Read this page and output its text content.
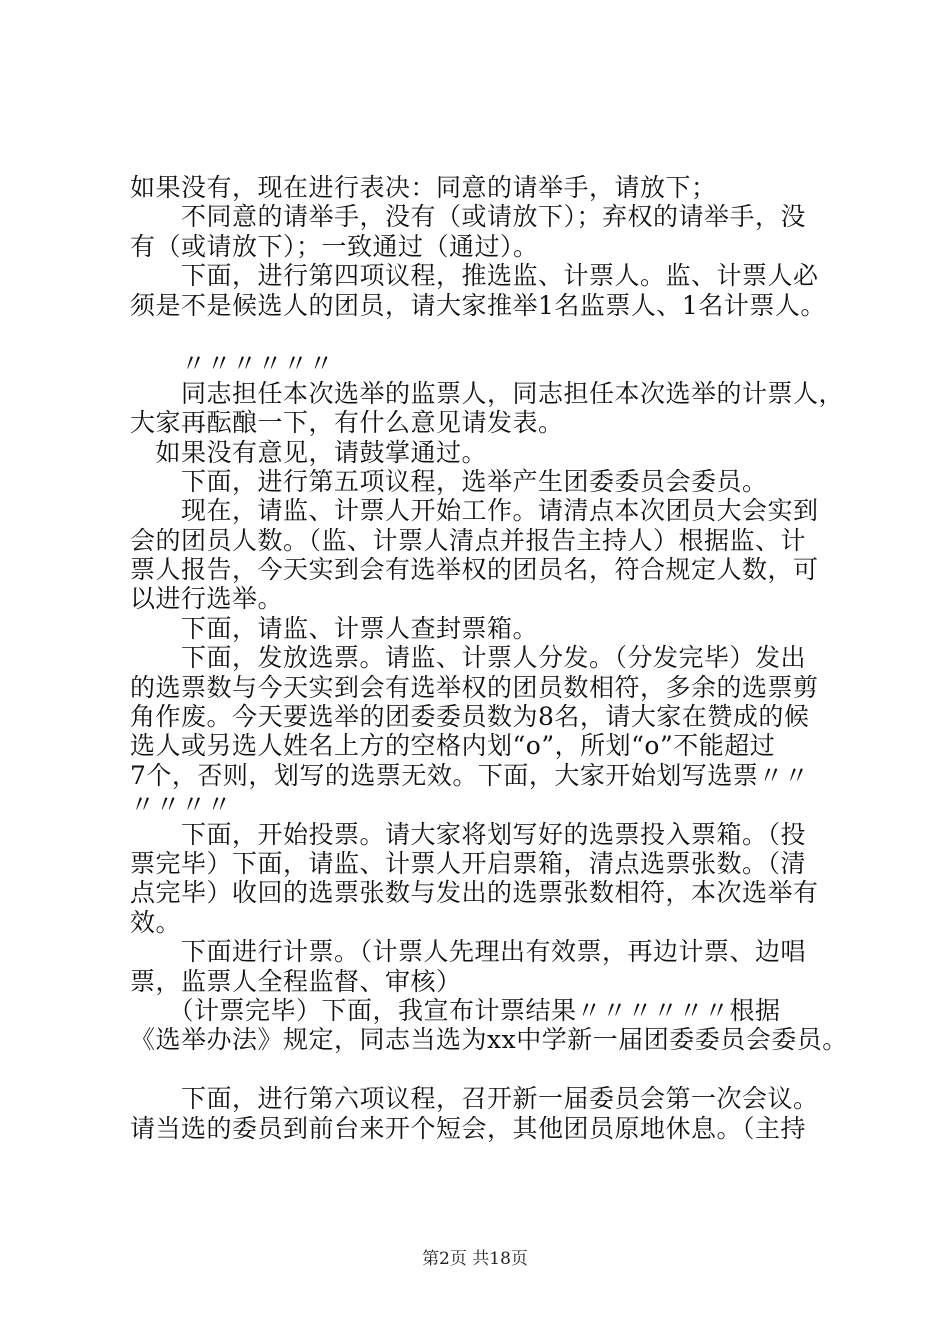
如果没有，现在进行表决：同意的请举手，请放下；
　　不同意的请举手，没有（或请放下）；弃权的请举手，没
有（或请放下）；一致通过（通过）。
　　下面，进行第四项议程，推选监、计票人。监、计票人必
须是不是候选人的团员，请大家推举1名监票人、1名计票人。
　　〃〃〃〃〃〃
　　同志担任本次选举的监票人，同志担任本次选举的计票人，
大家再酝酿一下，有什么意见请发表。
　如果没有意见，请鼓掌通过。
　　下面，进行第五项议程，选举产生团委委员会委员。
　　现在，请监、计票人开始工作。请清点本次团员大会实到
会的团员人数。（监、计票人清点并报告主持人）根据监、计
票人报告，今天实到会有选举权的团员名，符合规定人数，可
以进行选举。
　　下面，请监、计票人查封票箱。
　　下面，发放选票。请监、计票人分发。（分发完毕）发出
的选票数与今天实到会有选举权的团员数相符，多余的选票剪
角作废。今天要选举的团委委员数为8名，请大家在赞成的候
选人或另选人姓名上方的空格内划“o”，所划“o”不能超过
7个，否则，划写的选票无效。下面，大家开始划写选票〃〃
〃〃〃〃
　　下面，开始投票。请大家将划写好的选票投入票箱。（投
票完毕）下面，请监、计票人开启票箱，清点选票张数。（清
点完毕）收回的选票张数与发出的选票张数相符，本次选举有
效。
　　下面进行计票。（计票人先理出有效票，再边计票、边唱
票，监票人全程监督、审核）
　　（计票完毕）下面，我宣布计票结果〃〃〃〃〃〃根据
《选举办法》规定，同志当选为xx中学新一届团委委员会委员。
　　下面，进行第六项议程，召开新一届委员会第一次会议。
请当选的委员到前台来开个短会，其他团员原地休息。（主持
第2页 共18页
